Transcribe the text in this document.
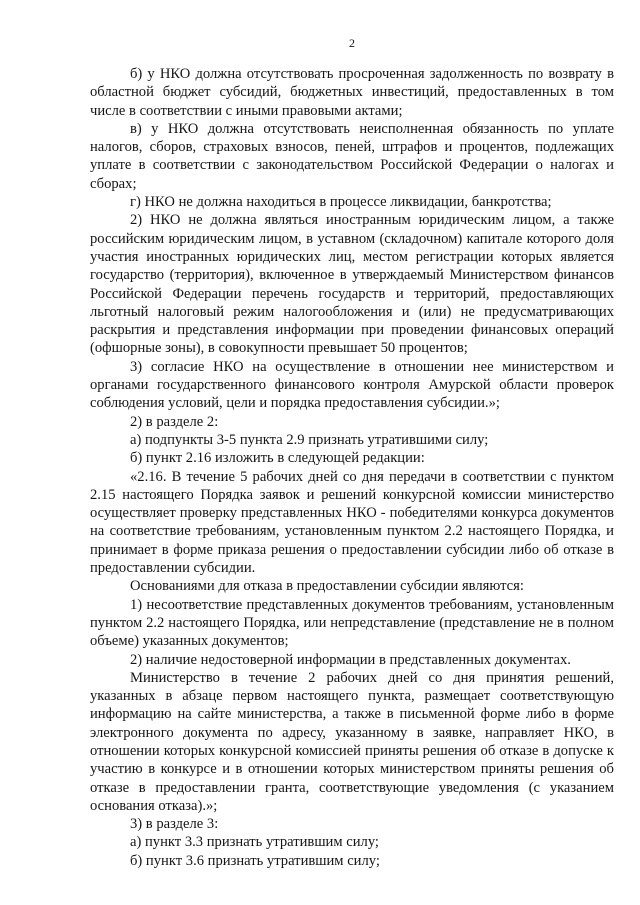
2

б) у НКО должна отсутствовать просроченная задолженность по возврату в областной бюджет субсидий, бюджетных инвестиций, предоставленных в том числе в соответствии с иными правовыми актами;

в) у НКО должна отсутствовать неисполненная обязанность по уплате налогов, сборов, страховых взносов, пеней, штрафов и процентов, подлежащих уплате в соответствии с законодательством Российской Федерации о налогах и сборах;

г) НКО не должна находиться в процессе ликвидации, банкротства;

2) НКО не должна являться иностранным юридическим лицом, а также российским юридическим лицом, в уставном (складочном) капитале которого доля участия иностранных юридических лиц, местом регистрации которых является государство (территория), включенное в утверждаемый Министерством финансов Российской Федерации перечень государств и территорий, предоставляющих льготный налоговый режим налогообложения и (или) не предусматривающих раскрытия и представления информации при проведении финансовых операций (офшорные зоны), в совокупности превышает 50 процентов;

3) согласие НКО на осуществление в отношении нее министерством и органами государственного финансового контроля Амурской области проверок соблюдения условий, цели и порядка предоставления субсидии.»;

2) в разделе 2:

а) подпункты 3-5 пункта 2.9 признать утратившими силу;

б) пункт 2.16 изложить в следующей редакции:

«2.16. В течение 5 рабочих дней со дня передачи в соответствии с пунктом 2.15 настоящего Порядка заявок и решений конкурсной комиссии министерство осуществляет проверку представленных НКО - победителями конкурса документов на соответствие требованиям, установленным пунктом 2.2 настоящего Порядка, и принимает в форме приказа решения о предоставлении субсидии либо об отказе в предоставлении субсидии.

Основаниями для отказа в предоставлении субсидии являются:

1) несоответствие представленных документов требованиям, установленным пунктом 2.2 настоящего Порядка, или непредставление (представление не в полном объеме) указанных документов;

2) наличие недостоверной информации в представленных документах.

Министерство в течение 2 рабочих дней со дня принятия решений, указанных в абзаце первом настоящего пункта, размещает соответствующую информацию на сайте министерства, а также в письменной форме либо в форме электронного документа по адресу, указанному в заявке, направляет НКО, в отношении которых конкурсной комиссией приняты решения об отказе в допуске к участию в конкурсе и в отношении которых министерством приняты решения об отказе в предоставлении гранта, соответствующие уведомления (с указанием основания отказа).»;

3) в разделе 3:

а) пункт 3.3 признать утратившим силу;

б) пункт 3.6 признать утратившим силу;
